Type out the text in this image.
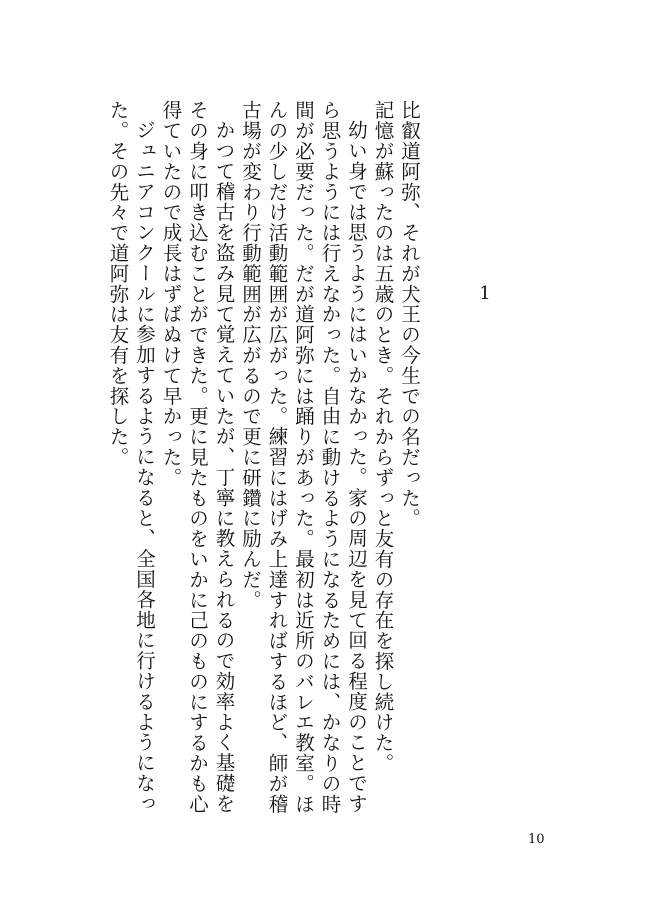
1

比叡道阿弥、それが犬王の今生での名だった。

記憶が蘇ったのは五歳のとき。それからずっと友有の存在を探し続けた。

幼い身では思うようにはいかなかった。家の周辺を見て回る程度のことですら思うようには行えなかった。自由に動けるようになるためには、かなりの時間が必要だった。だが道阿弥には踊りがあった。最初は近所のバレエ教室。ほんの少しだけ活動範囲が広がった。練習にはげみ上達すればするほど、師が稽古場が変わり行動範囲が広がるので更に研鑽に励んだ。

かつて稽古を盗み見て覚えていたが、丁寧に教えられるので効率よく基礎をその身に叩き込むことができた。更に見たものをいかに己のものにするかも心得ていたので成長はずばぬけて早かった。

ジュニアコンクールに参加するようになると、全国各地に行けるようになった。その先々で道阿弥は友有を探した。

10
